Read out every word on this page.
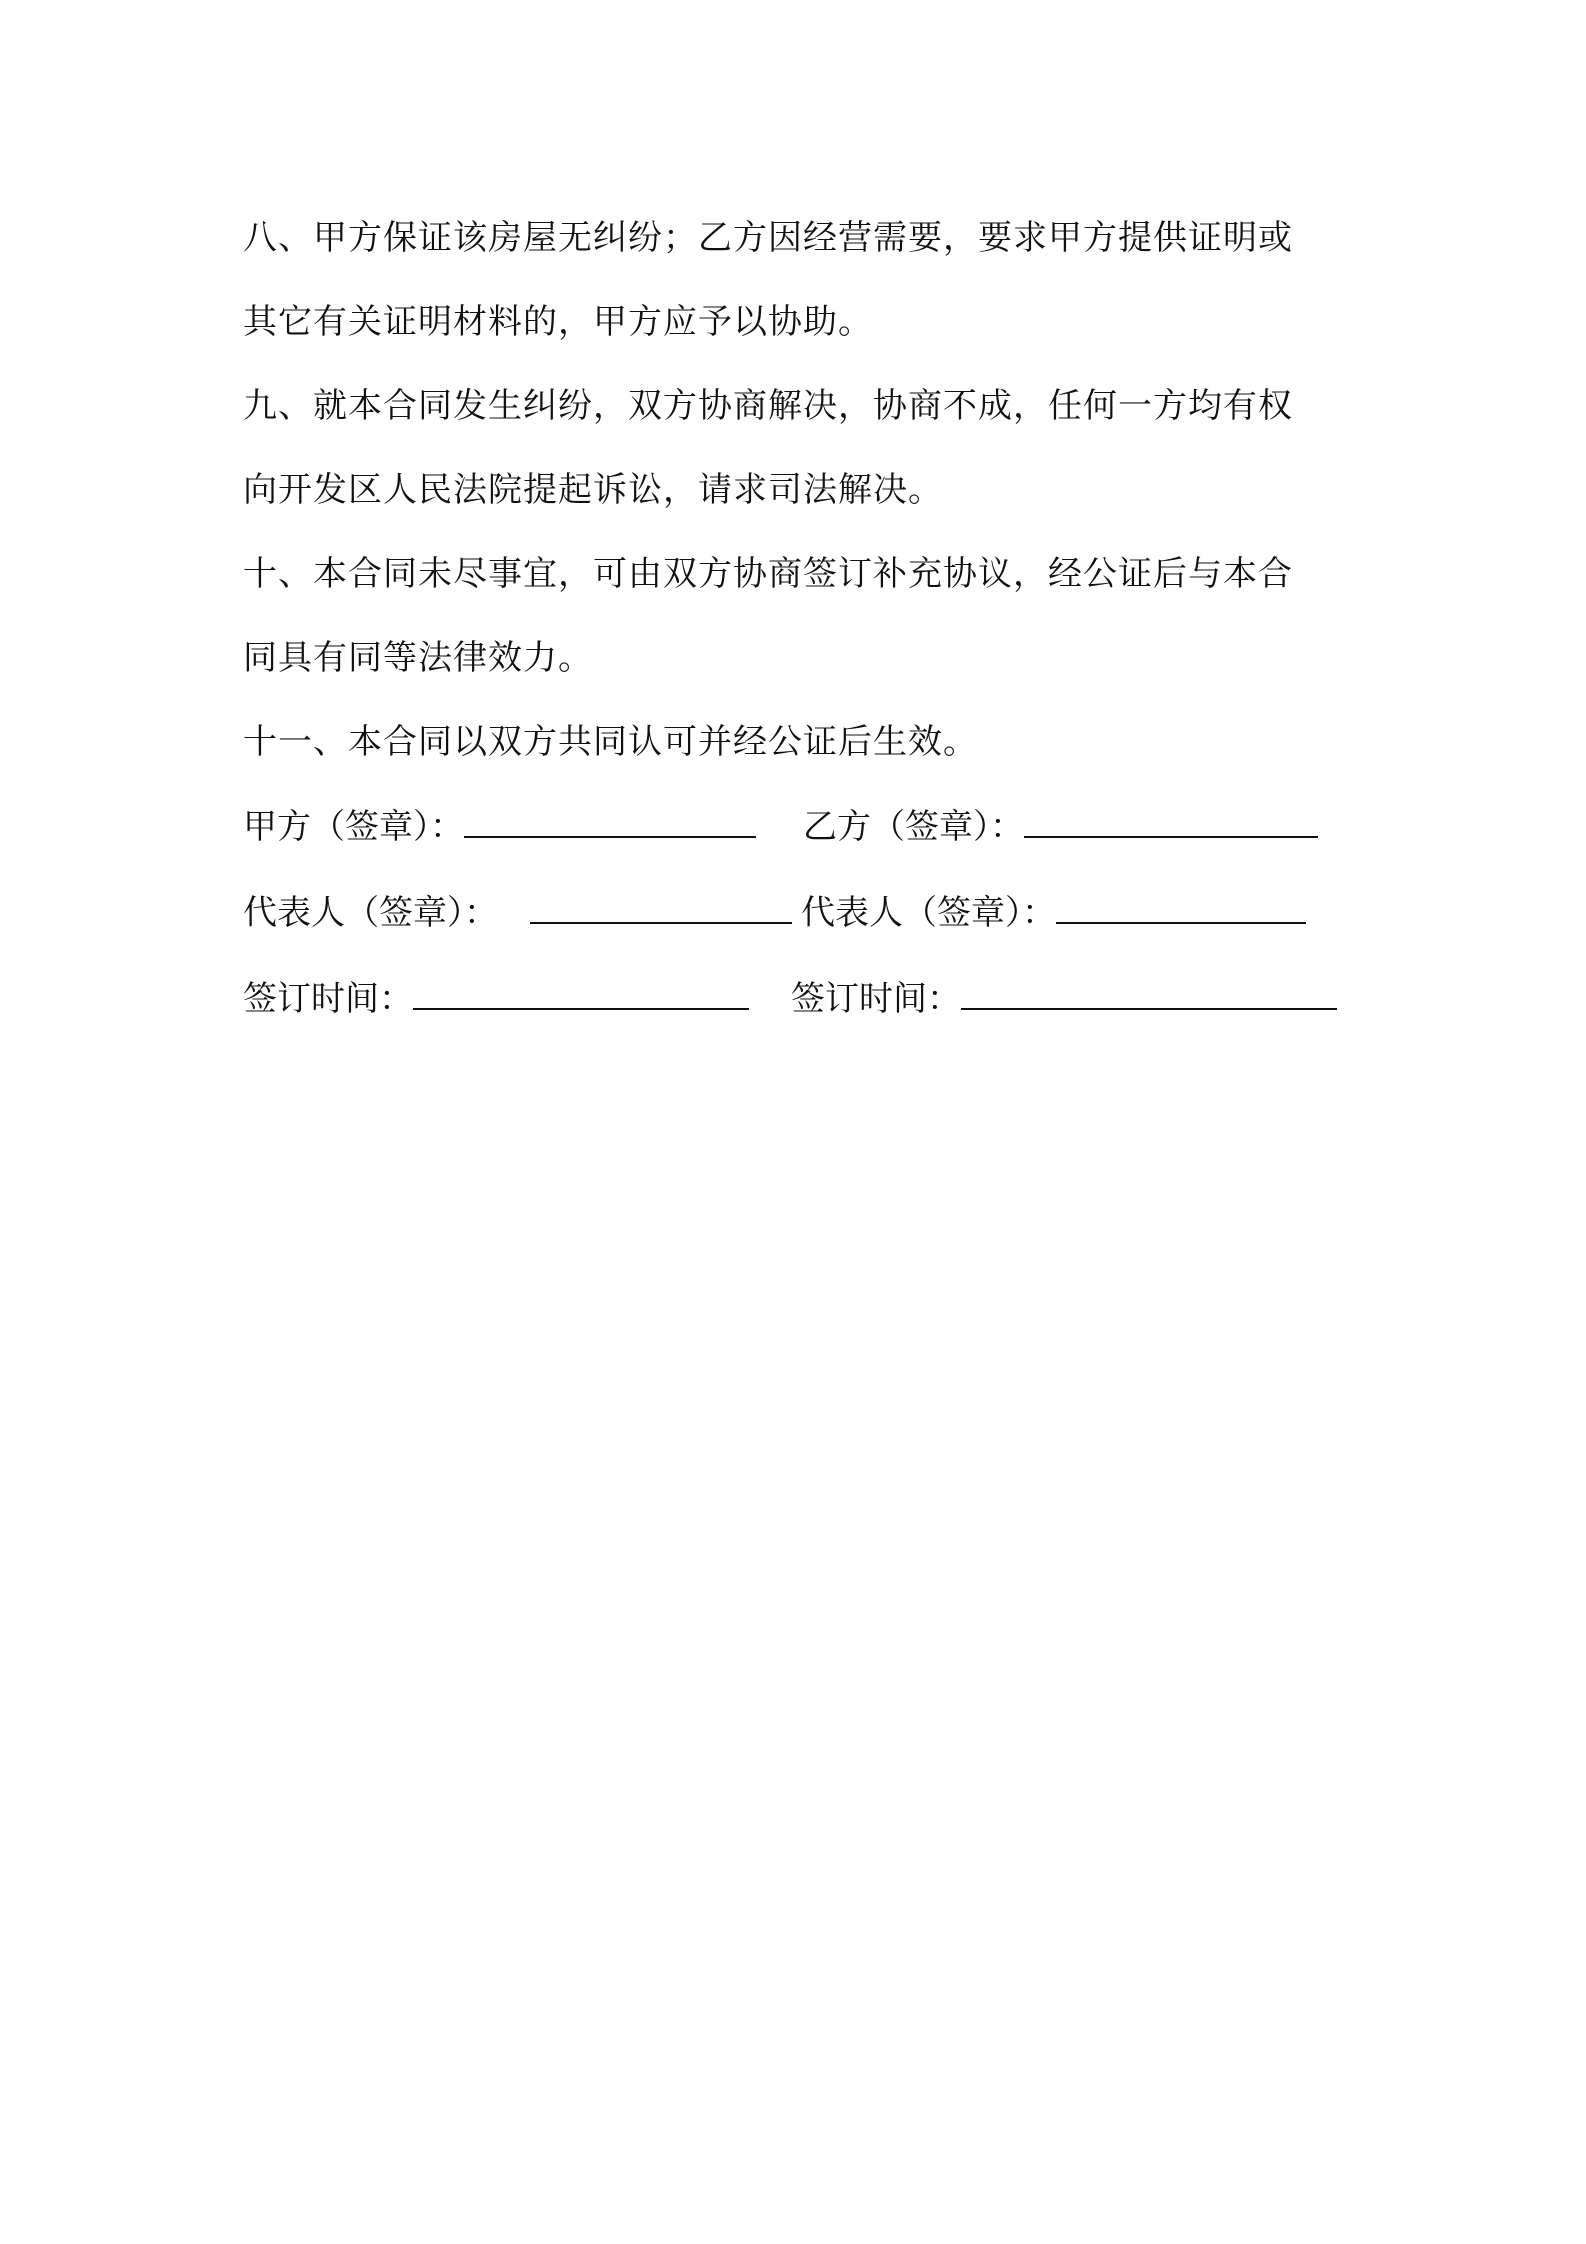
八、甲方保证该房屋无纠纷；乙方因经营需要，要求甲方提供证明或
其它有关证明材料的，甲方应予以协助。
九、就本合同发生纠纷，双方协商解决，协商不成，任何一方均有权
向开发区人民法院提起诉讼，请求司法解决。
十、本合同未尽事宜，可由双方协商签订补充协议，经公证后与本合
同具有同等法律效力。
十一、本合同以双方共同认可并经公证后生效。
甲方（签章）：	乙方（签章）：
代表人（签章）：	代表人（签章）：
签订时间：	签订时间：
